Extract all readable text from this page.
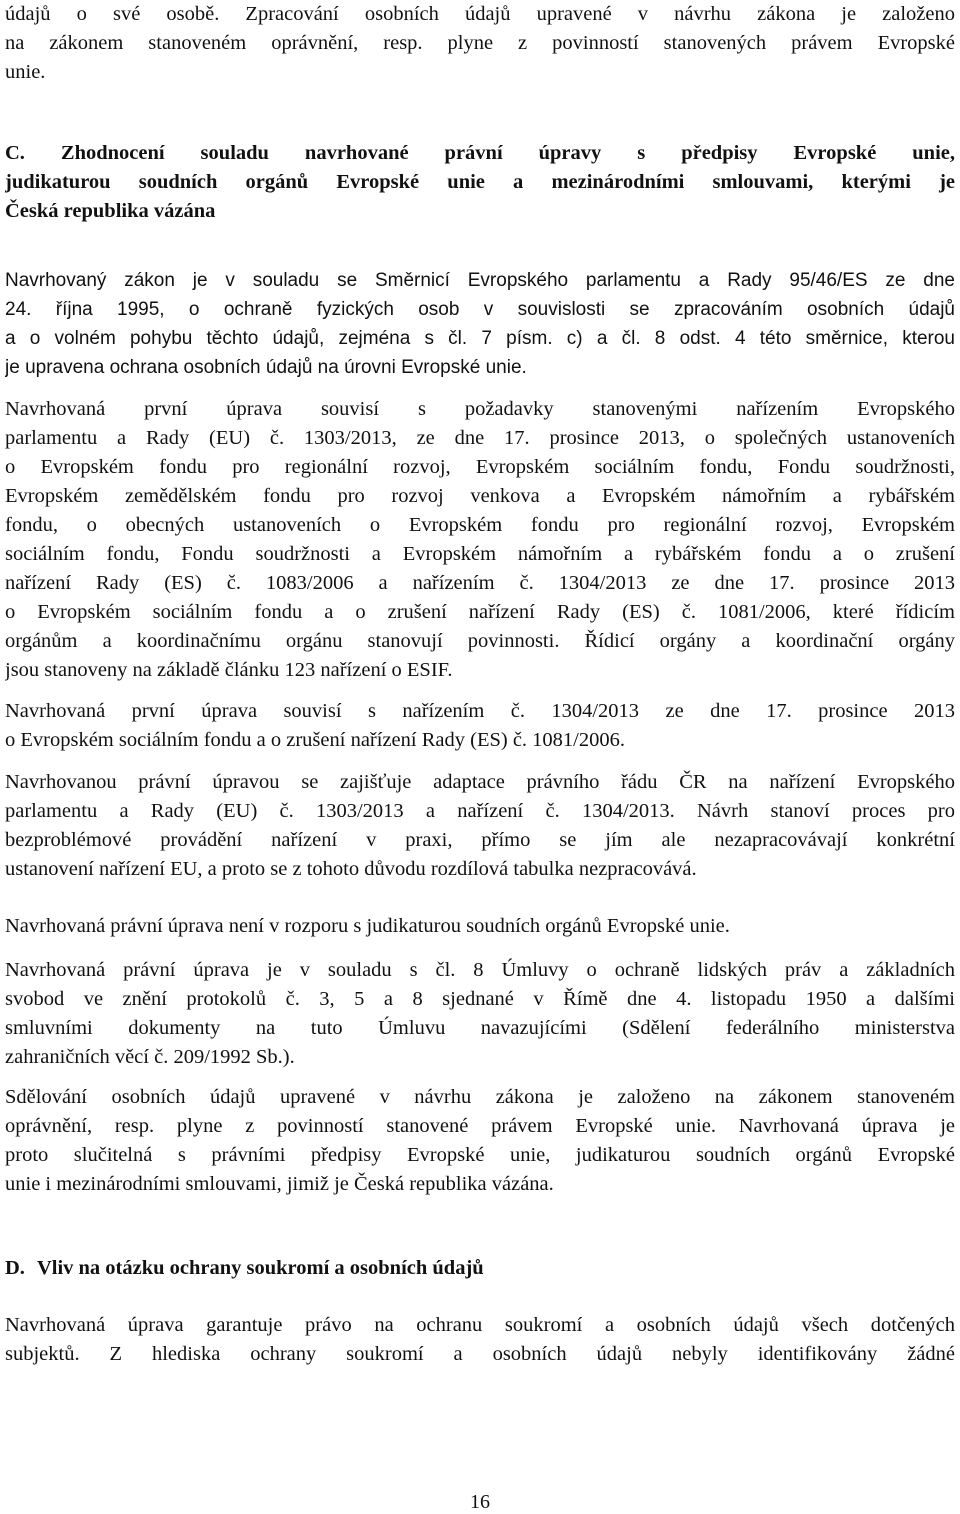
údajů o své osobě. Zpracování osobních údajů upravené v návrhu zákona je založeno
na zákonem stanoveném oprávnění, resp. plyne z povinností stanovených právem Evropské
unie.
C. Zhodnocení souladu navrhované právní úpravy s předpisy Evropské unie,
judikaturou soudních orgánů Evropské unie a mezinárodními smlouvami, kterými je
Česká republika vázána
Navrhovaný zákon je v souladu se Směrnicí Evropského parlamentu a Rady 95/46/ES ze dne
24. října 1995, o ochraně fyzických osob v souvislosti se zpracováním osobních údajů
a o volném pohybu těchto údajů, zejména s čl. 7 písm. c) a čl. 8 odst. 4 této směrnice, kterou
je upravena ochrana osobních údajů na úrovni Evropské unie.
Navrhovaná první úprava souvisí s požadavky stanovenými nařízením Evropského
parlamentu a Rady (EU) č. 1303/2013, ze dne 17. prosince 2013, o společných ustanoveních
o Evropském fondu pro regionální rozvoj, Evropském sociálním fondu, Fondu soudržnosti,
Evropském zemědělském fondu pro rozvoj venkova a Evropském námořním a rybářském
fondu, o obecných ustanoveních o Evropském fondu pro regionální rozvoj, Evropském
sociálním fondu, Fondu soudržnosti a Evropském námořním a rybářském fondu a o zrušení
nařízení Rady (ES) č. 1083/2006 a nařízením č. 1304/2013 ze dne 17. prosince 2013
o Evropském sociálním fondu a o zrušení nařízení Rady (ES) č. 1081/2006, které řídicím
orgánům a koordinačnímu orgánu stanovují povinnosti. Řídicí orgány a koordinační orgány
jsou stanoveny na základě článku 123 nařízení o ESIF.
Navrhovaná první úprava souvisí s nařízením č. 1304/2013 ze dne 17. prosince 2013
o Evropském sociálním fondu a o zrušení nařízení Rady (ES) č. 1081/2006.
Navrhovanou právní úpravou se zajišťuje adaptace právního řádu ČR na nařízení Evropského
parlamentu a Rady (EU) č. 1303/2013 a nařízení č. 1304/2013. Návrh stanoví proces pro
bezproblémové provádění nařízení v praxi, přímo se jím ale nezapracovávají konkrétní
ustanovení nařízení EU, a proto se z tohoto důvodu rozdílová tabulka nezpracovává.
Navrhovaná právní úprava není v rozporu s judikaturou soudních orgánů Evropské unie.
Navrhovaná právní úprava je v souladu s čl. 8 Úmluvy o ochraně lidských práv a základních
svobod ve znění protokolů č. 3, 5 a 8 sjednané v Římě dne 4. listopadu 1950 a dalšími
smluvními dokumenty na tuto Úmluvu navazujícími (Sdělení federálního ministerstva
zahraničních věcí č. 209/1992 Sb.).
Sdělování osobních údajů upravené v návrhu zákona je založeno na zákonem stanoveném
oprávnění, resp. plyne z povinností stanovené právem Evropské unie. Navrhovaná úprava je
proto slučitelná s právními předpisy Evropské unie, judikaturou soudních orgánů Evropské
unie i mezinárodními smlouvami, jimiž je Česká republika vázána.
D. Vliv na otázku ochrany soukromí a osobních údajů
Navrhovaná úprava garantuje právo na ochranu soukromí a osobních údajů všech dotčených
subjektů. Z hlediska ochrany soukromí a osobních údajů nebyly identifikovány žádné
16
